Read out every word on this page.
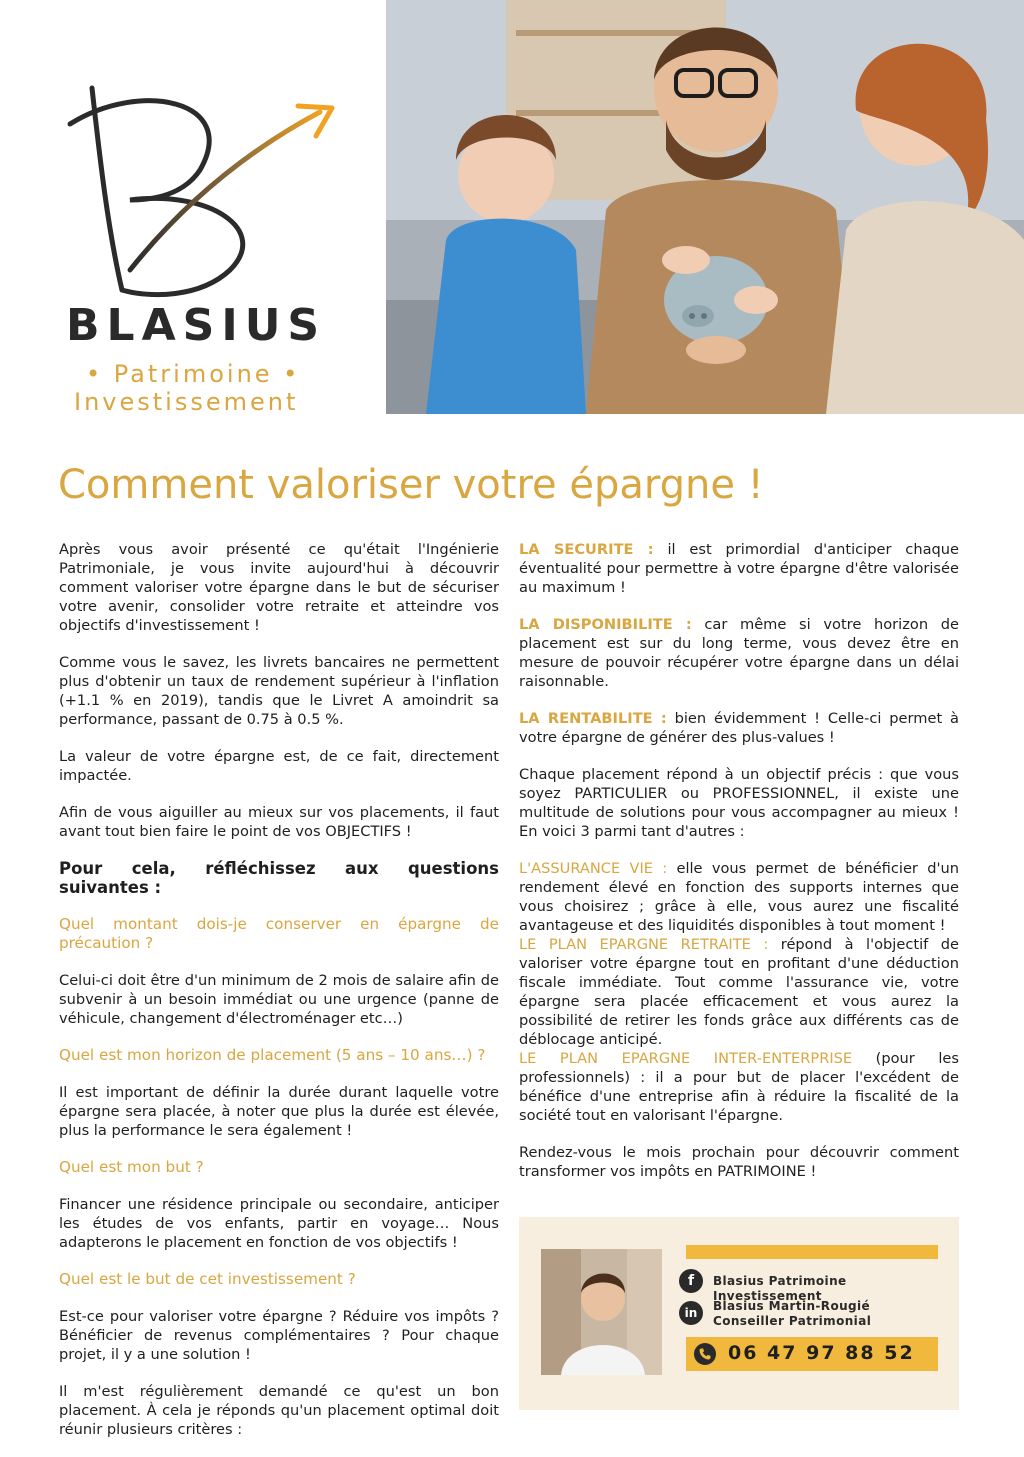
BLASIUS
• Patrimoine •
Investissement
Comment valoriser votre épargne !

Après vous avoir présenté ce qu'était l'Ingénierie Patrimoniale, je vous invite aujourd'hui à découvrir comment valoriser votre épargne dans le but de sécuriser votre avenir, consolider votre retraite et atteindre vos objectifs d'investissement !

Comme vous le savez, les livrets bancaires ne permettent plus d'obtenir un taux de rendement supérieur à l'inflation (+1.1 % en 2019), tandis que le Livret A amoindrit sa performance, passant de 0.75 à 0.5 %.

La valeur de votre épargne est, de ce fait, directement impactée.

Afin de vous aiguiller au mieux sur vos placements, il faut avant tout bien faire le point de vos OBJECTIFS !

Pour cela, réfléchissez aux questions suivantes :

Quel montant dois-je conserver en épargne de précaution ?

Celui-ci doit être d'un minimum de 2 mois de salaire afin de subvenir à un besoin immédiat ou une urgence (panne de véhicule, changement d'électroménager etc…)

Quel est mon horizon de placement (5 ans – 10 ans…) ?

Il est important de définir la durée durant laquelle votre épargne sera placée, à noter que plus la durée est élevée, plus la performance le sera également !

Quel est mon but ?

Financer une résidence principale ou secondaire, anticiper les études de vos enfants, partir en voyage… Nous adapterons le placement en fonction de vos objectifs !

Quel est le but de cet investissement ?

Est-ce pour valoriser votre épargne ? Réduire vos impôts ? Bénéficier de revenus complémentaires ? Pour chaque projet, il y a une solution !

Il m'est régulièrement demandé ce qu'est un bon placement. À cela je réponds qu'un placement optimal doit réunir plusieurs critères :

LA SECURITE : il est primordial d'anticiper chaque éventualité pour permettre à votre épargne d'être valorisée au maximum !

LA DISPONIBILITE : car même si votre horizon de placement est sur du long terme, vous devez être en mesure de pouvoir récupérer votre épargne dans un délai raisonnable.

LA RENTABILITE : bien évidemment ! Celle-ci permet à votre épargne de générer des plus-values !

Chaque placement répond à un objectif précis : que vous soyez PARTICULIER ou PROFESSIONNEL, il existe une multitude de solutions pour vous accompagner au mieux ! En voici 3 parmi tant d'autres :

L'ASSURANCE VIE : elle vous permet de bénéficier d'un rendement élevé en fonction des supports internes que vous choisirez ; grâce à elle, vous aurez une fiscalité avantageuse et des liquidités disponibles à tout moment !

LE PLAN EPARGNE RETRAITE : répond à l'objectif de valoriser votre épargne tout en profitant d'une déduction fiscale immédiate. Tout comme l'assurance vie, votre épargne sera placée efficacement et vous aurez la possibilité de retirer les fonds grâce aux différents cas de déblocage anticipé.

LE PLAN EPARGNE INTER-ENTERPRISE (pour les professionnels) : il a pour but de placer l'excédent de bénéfice d'une entreprise afin à réduire la fiscalité de la société tout en valorisant l'épargne.

Rendez-vous le mois prochain pour découvrir comment transformer vos impôts en PATRIMOINE !

f	Blasius Patrimoine Investissement
in	Blasius Martin-Rougié
Conseiller Patrimonial
06 47 97 88 52
